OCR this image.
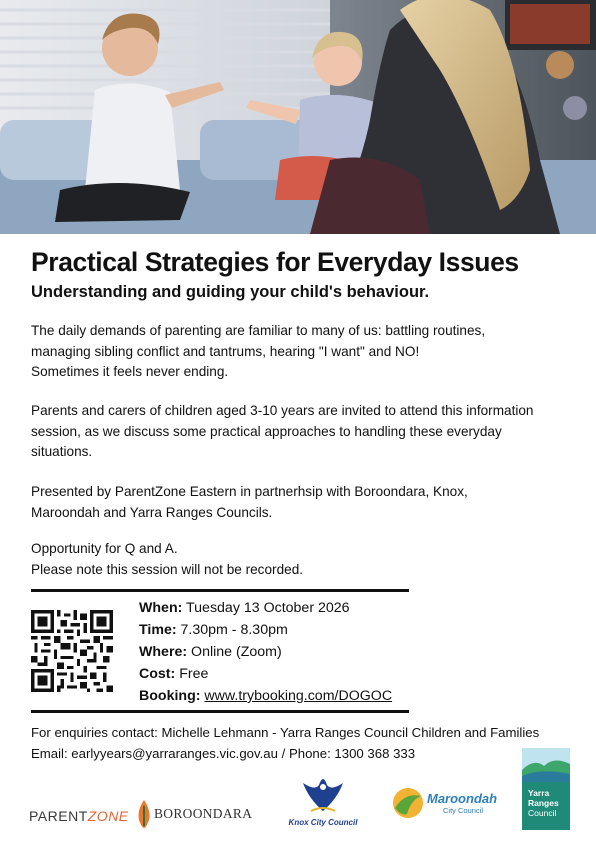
Practical Strategies for Everyday Issues
Understanding and guiding your child's behaviour.
The daily demands of parenting are familiar to many of us: battling routines,
managing sibling conflict and tantrums, hearing "I want" and NO!
Sometimes it feels never ending.
Parents and carers of children aged 3-10 years are invited to attend this information
session, as we discuss some practical approaches to handling these everyday
situations.
Presented by ParentZone Eastern in partnerhsip with Boroondara, Knox,
Maroondah and Yarra Ranges Councils.
Opportunity for Q and A.
Please note this session will not be recorded.
When: Tuesday 13 October 2026
Time: 7.30pm - 8.30pm
Where: Online (Zoom)
Cost: Free
Booking: www.trybooking.com/DOGOC
For enquiries contact: Michelle Lehmann - Yarra Ranges Council Children and Families
Email: earlyyears@yarraranges.vic.gov.au / Phone: 1300 368 333
PARENTZONE BOROONDARA
Knox City Council
Maroondah
City Council
Yarra
Ranges
Council
